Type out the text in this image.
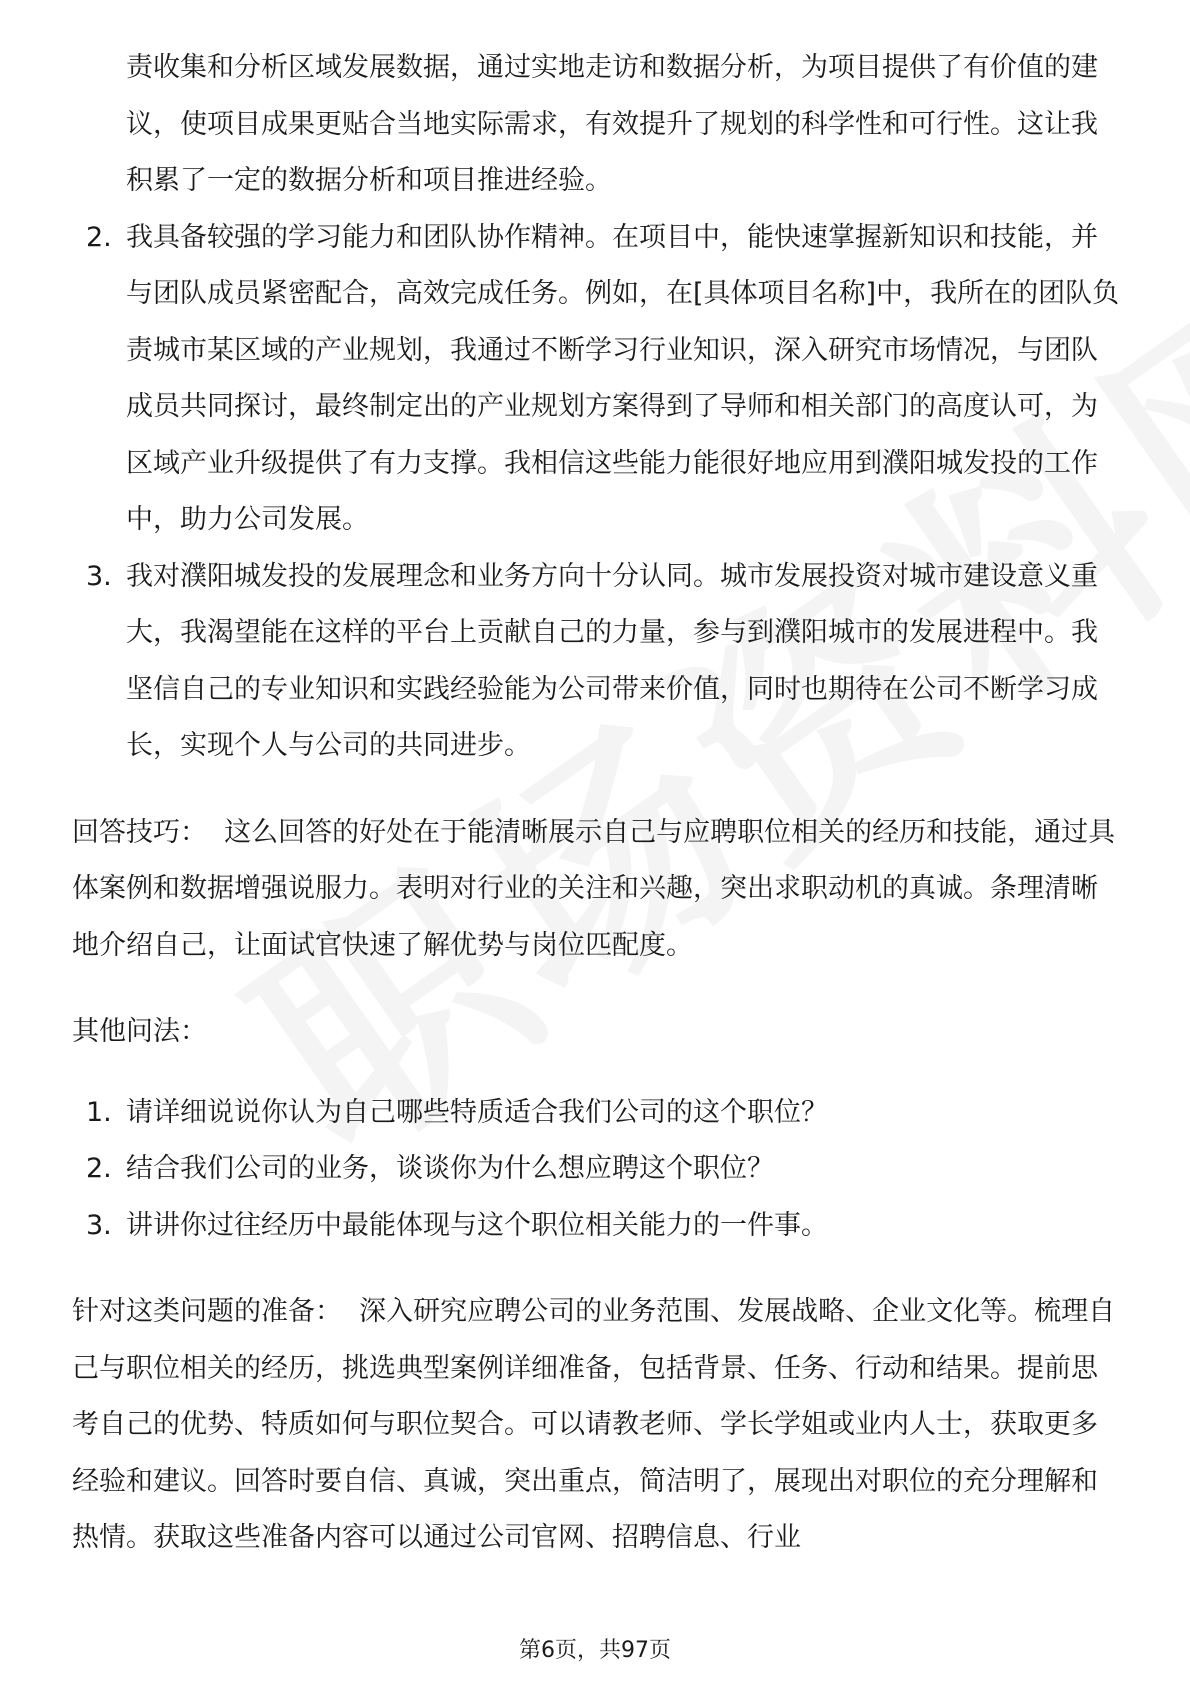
责收集和分析区域发展数据，通过实地走访和数据分析，为项目提供了有价值的建议，使项目成果更贴合当地实际需求，有效提升了规划的科学性和可行性。这让我积累了一定的数据分析和项目推进经验。
2. 我具备较强的学习能力和团队协作精神。在项目中，能快速掌握新知识和技能，并与团队成员紧密配合，高效完成任务。例如，在[具体项目名称]中，我所在的团队负责城市某区域的产业规划，我通过不断学习行业知识，深入研究市场情况，与团队成员共同探讨，最终制定出的产业规划方案得到了导师和相关部门的高度认可，为区域产业升级提供了有力支撑。我相信这些能力能很好地应用到濮阳城发投的工作中，助力公司发展。
3. 我对濮阳城发投的发展理念和业务方向十分认同。城市发展投资对城市建设意义重大，我渴望能在这样的平台上贡献自己的力量，参与到濮阳城市的发展进程中。我坚信自己的专业知识和实践经验能为公司带来价值，同时也期待在公司不断学习成长，实现个人与公司的共同进步。

回答技巧： 这么回答的好处在于能清晰展示自己与应聘职位相关的经历和技能，通过具体案例和数据增强说服力。表明对行业的关注和兴趣，突出求职动机的真诚。条理清晰地介绍自己，让面试官快速了解优势与岗位匹配度。

其他问法：

1. 请详细说说你认为自己哪些特质适合我们公司的这个职位？
2. 结合我们公司的业务，谈谈你为什么想应聘这个职位？
3. 讲讲你过往经历中最能体现与这个职位相关能力的一件事。

针对这类问题的准备： 深入研究应聘公司的业务范围、发展战略、企业文化等。梳理自己与职位相关的经历，挑选典型案例详细准备，包括背景、任务、行动和结果。提前思考自己的优势、特质如何与职位契合。可以请教老师、学长学姐或业内人士，获取更多经验和建议。回答时要自信、真诚，突出重点，简洁明了，展现出对职位的充分理解和热情。获取这些准备内容可以通过公司官网、招聘信息、行业

第6页，共97页
